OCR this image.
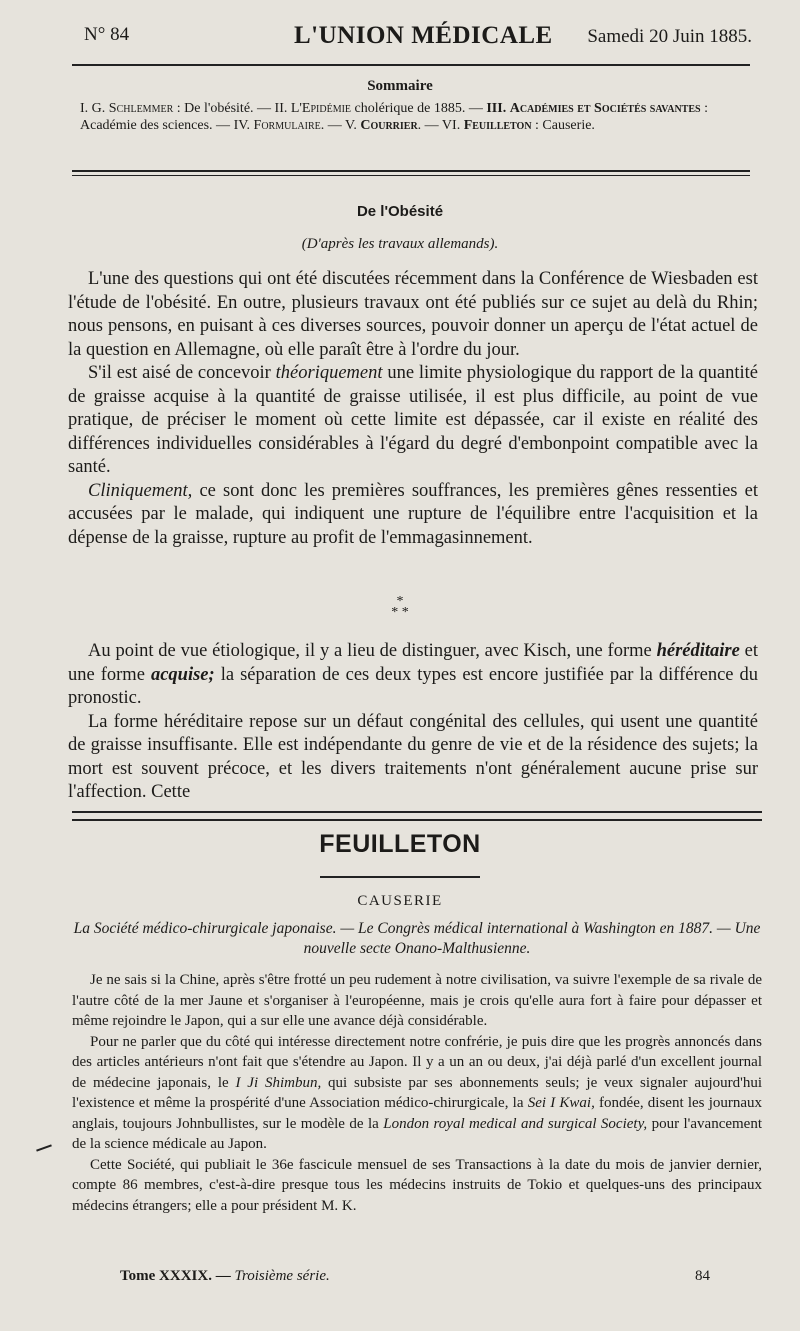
N° 84	L'UNION MÉDICALE Samedi 20 Juin 1885.
Sommaire
I. G. Schlemmer : De l'obésité. — II. L'Epidémie cholérique de 1885. — III. Académies et Sociétés savantes : Académie des sciences. — IV. Formulaire. — V. Courrier. — VI. Feuilleton : Causerie.
De l'Obésité
(D'après les travaux allemands).

L'une des questions qui ont été discutées récemment dans la Conférence de Wiesbaden est l'étude de l'obésité. En outre, plusieurs travaux ont été publiés sur ce sujet au delà du Rhin; nous pensons, en puisant à ces diverses sources, pouvoir donner un aperçu de l'état actuel de la question en Allemagne, où elle paraît être à l'ordre du jour.

S'il est aisé de concevoir théoriquement une limite physiologique du rapport de la quantité de graisse acquise à la quantité de graisse utilisée, il est plus difficile, au point de vue pratique, de préciser le moment où cette limite est dépassée, car il existe en réalité des différences individuelles considérables à l'égard du degré d'embonpoint compatible avec la santé.

Cliniquement, ce sont donc les premières souffrances, les premières gênes ressenties et accusées par le malade, qui indiquent une rupture de l'équilibre entre l'acquisition et la dépense de la graisse, rupture au profit de l'emmagasinnement.

*
* *

Au point de vue étiologique, il y a lieu de distinguer, avec Kisch, une forme héréditaire et une forme acquise; la séparation de ces deux types est encore justifiée par la différence du pronostic.

La forme héréditaire repose sur un défaut congénital des cellules, qui usent une quantité de graisse insuffisante. Elle est indépendante du genre de vie et de la résidence des sujets; la mort est souvent précoce, et les divers traitements n'ont généralement aucune prise sur l'affection. Cette

FEUILLETON
CAUSERIE
La Société médico-chirurgicale japonaise. — Le Congrès médical international à Washington en 1887. — Une nouvelle secte Onano-Malthusienne.

Je ne sais si la Chine, après s'être frotté un peu rudement à notre civilisation, va suivre l'exemple de sa rivale de l'autre côté de la mer Jaune et s'organiser à l'européenne, mais je crois qu'elle aura fort à faire pour dépasser et même rejoindre le Japon, qui a sur elle une avance déjà considérable.

Pour ne parler que du côté qui intéresse directement notre confrérie, je puis dire que les progrès annoncés dans des articles antérieurs n'ont fait que s'étendre au Japon. Il y a un an ou deux, j'ai déjà parlé d'un excellent journal de médecine japonais, le I Ji Shimbun, qui subsiste par ses abonnements seuls; je veux signaler aujourd'hui l'existence et même la prospérité d'une Association médico-chirurgicale, la Sei I Kwai, fondée, disent les journaux anglais, toujours Johnbullistes, sur le modèle de la London royal medical and surgical Society, pour l'avancement de la science médicale au Japon.

Cette Société, qui publiait le 36e fascicule mensuel de ses Transactions à la date du mois de janvier dernier, compte 86 membres, c'est-à-dire presque tous les médecins instruits de Tokio et quelques-uns des principaux médecins étrangers; elle a pour président M. K.

Tome XXXIX. — Troisième série.	84
